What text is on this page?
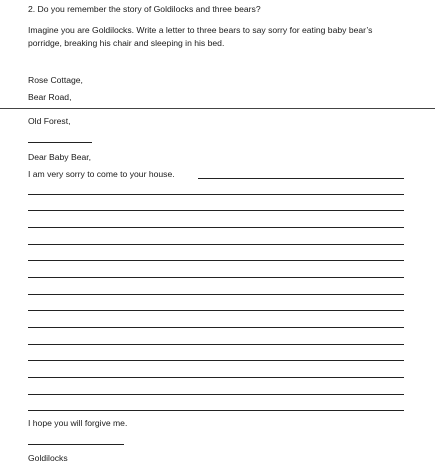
2. Do you remember the story of Goldilocks and three bears?
Imagine you are Goldilocks. Write a letter to three bears to say sorry for eating baby bear’s
porridge, breaking his chair and sleeping in his bed.
Rose Cottage,
Bear Road,
Old Forest,
Dear Baby Bear,
I am very sorry to come to your house.
I hope you will forgive me.
Goldilocks
